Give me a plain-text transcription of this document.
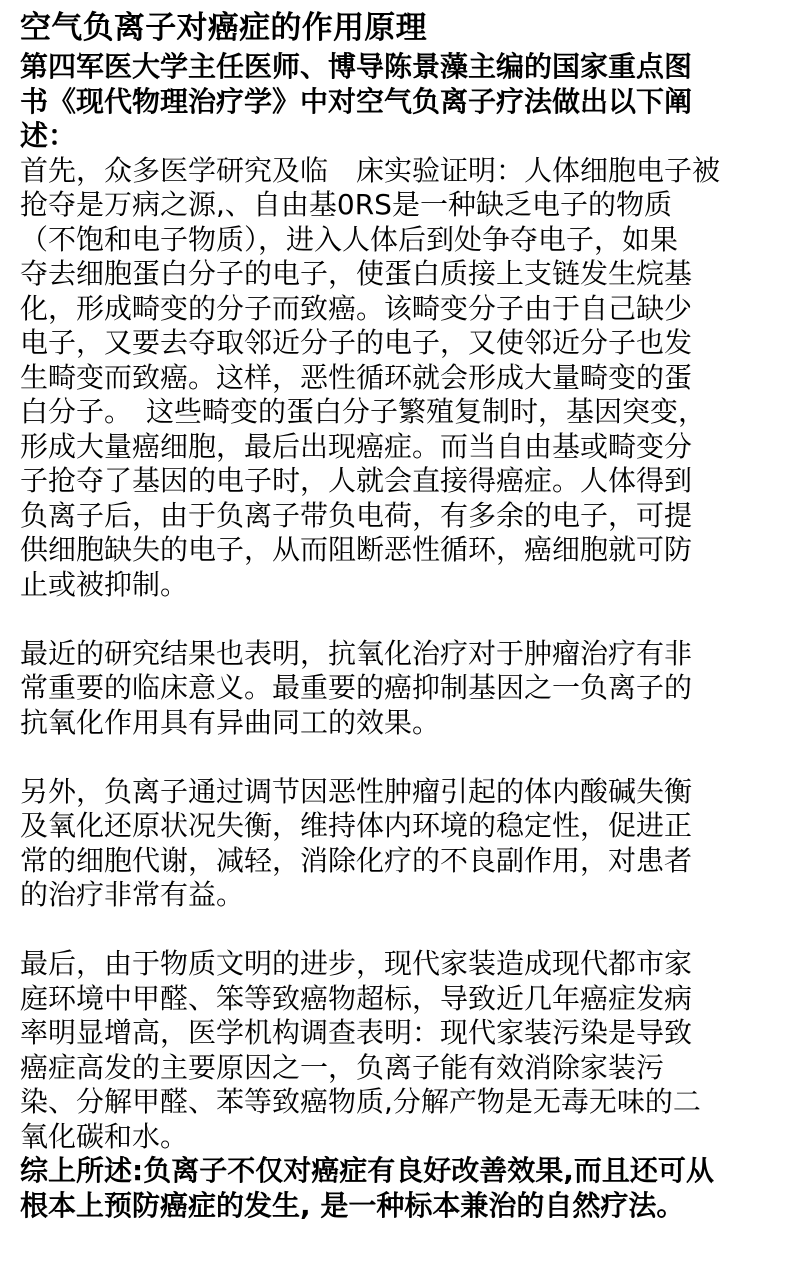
空气负离子对癌症的作用原理

第四军医大学主任医师、博导陈景藻主编的国家重点图
书《现代物理治疗学》中对空气负离子疗法做出以下阐
述：

首先，众多医学研究及临　床实验证明：人体细胞电子被
抢夺是万病之源,、自由基0RS是一种缺乏电子的物质
（不饱和电子物质），进入人体后到处争夺电子，如果
夺去细胞蛋白分子的电子，使蛋白质接上支链发生烷基
化，形成畸变的分子而致癌。该畸变分子由于自己缺少
电子，又要去夺取邻近分子的电子，又使邻近分子也发
生畸变而致癌。这样，恶性循环就会形成大量畸变的蛋
白分子。　这些畸变的蛋白分子繁殖复制时，基因突变，
形成大量癌细胞，最后出现癌症。而当自由基或畸变分
子抢夺了基因的电子时，人就会直接得癌症。人体得到
负离子后，由于负离子带负电荷，有多余的电子，可提
供细胞缺失的电子，从而阻断恶性循环，癌细胞就可防
止或被抑制。

最近的研究结果也表明，抗氧化治疗对于肿瘤治疗有非
常重要的临床意义。最重要的癌抑制基因之一负离子的
抗氧化作用具有异曲同工的效果。

另外，负离子通过调节因恶性肿瘤引起的体内酸碱失衡
及氧化还原状况失衡，维持体内环境的稳定性，促进正
常的细胞代谢，减轻，消除化疗的不良副作用，对患者
的治疗非常有益。

最后，由于物质文明的进步，现代家装造成现代都市家
庭环境中甲醛、笨等致癌物超标，导致近几年癌症发病
率明显增高，医学机构调查表明：现代家装污染是导致
癌症高发的主要原因之一，负离子能有效消除家装污
染、分解甲醛、苯等致癌物质,分解产物是无毒无味的二
氧化碳和水。

综上所述:负离子不仅对癌症有良好改善效果,而且还可从
根本上预防癌症的发生, 是一种标本兼治的自然疗法。
